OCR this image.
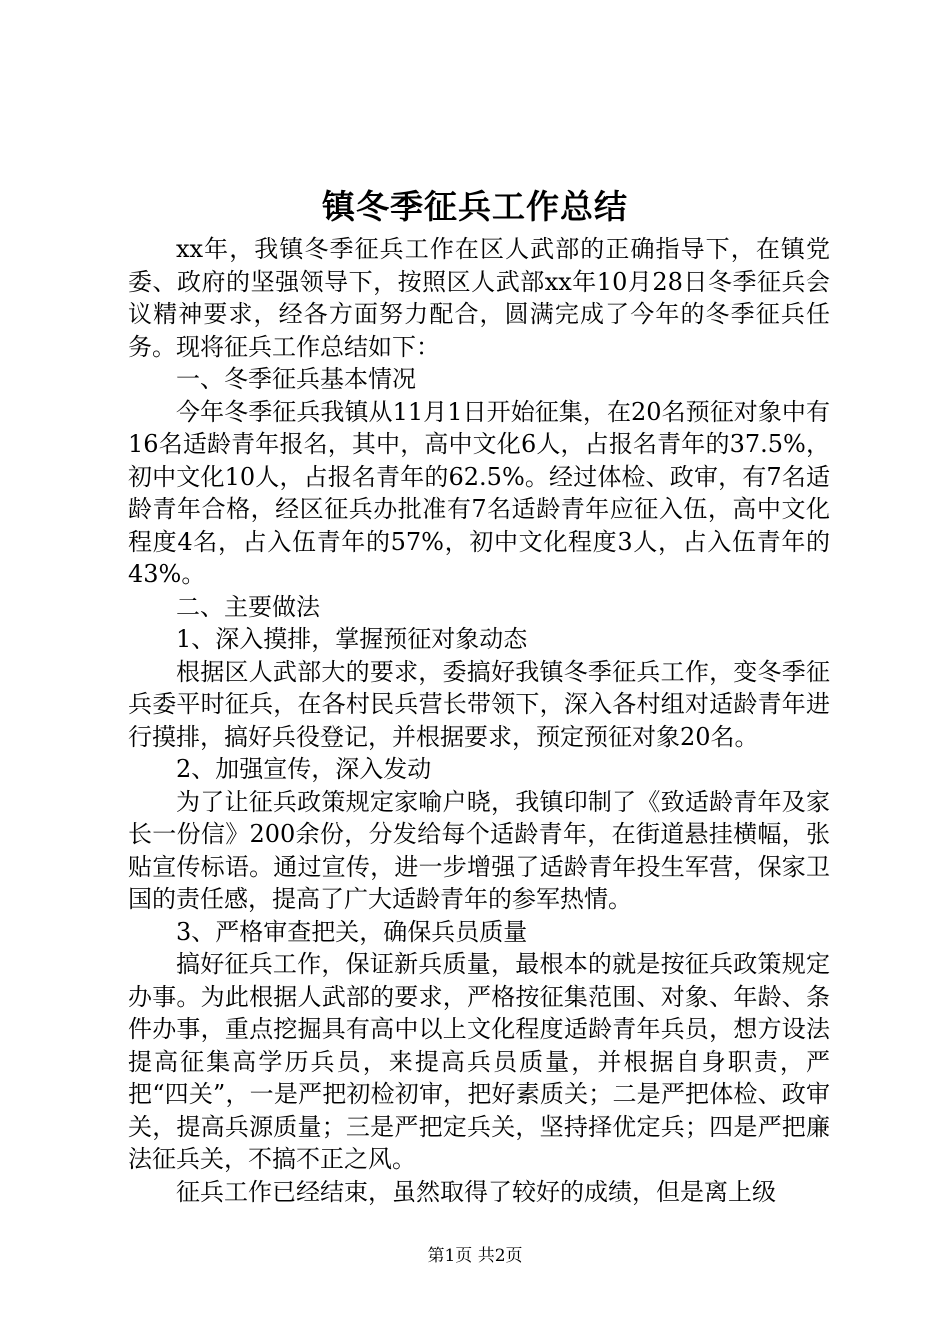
镇冬季征兵工作总结

xx年，我镇冬季征兵工作在区人武部的正确指导下，在镇党委、政府的坚强领导下，按照区人武部xx年10月28日冬季征兵会议精神要求，经各方面努力配合，圆满完成了今年的冬季征兵任务。现将征兵工作总结如下：

一、冬季征兵基本情况

今年冬季征兵我镇从11月1日开始征集，在20名预征对象中有16名适龄青年报名，其中，高中文化6人，占报名青年的37.5%，初中文化10人，占报名青年的62.5%。经过体检、政审，有7名适龄青年合格，经区征兵办批准有7名适龄青年应征入伍，高中文化程度4名，占入伍青年的57%，初中文化程度3人，占入伍青年的43%。

二、主要做法

1、深入摸排，掌握预征对象动态

根据区人武部大的要求，委搞好我镇冬季征兵工作，变冬季征兵委平时征兵，在各村民兵营长带领下，深入各村组对适龄青年进行摸排，搞好兵役登记，并根据要求，预定预征对象20名。

2、加强宣传，深入发动

为了让征兵政策规定家喻户晓，我镇印制了《致适龄青年及家长一份信》200余份，分发给每个适龄青年，在街道悬挂横幅，张贴宣传标语。通过宣传，进一步增强了适龄青年投生军营，保家卫国的责任感，提高了广大适龄青年的参军热情。

3、严格审查把关，确保兵员质量

搞好征兵工作，保证新兵质量，最根本的就是按征兵政策规定办事。为此根据人武部的要求，严格按征集范围、对象、年龄、条件办事，重点挖掘具有高中以上文化程度适龄青年兵员，想方设法提高征集高学历兵员，来提高兵员质量，并根据自身职责，严把“四关”，一是严把初检初审，把好素质关；二是严把体检、政审关，提高兵源质量；三是严把定兵关，坚持择优定兵；四是严把廉法征兵关，不搞不正之风。

征兵工作已经结束，虽然取得了较好的成绩，但是离上级

第1页 共2页
